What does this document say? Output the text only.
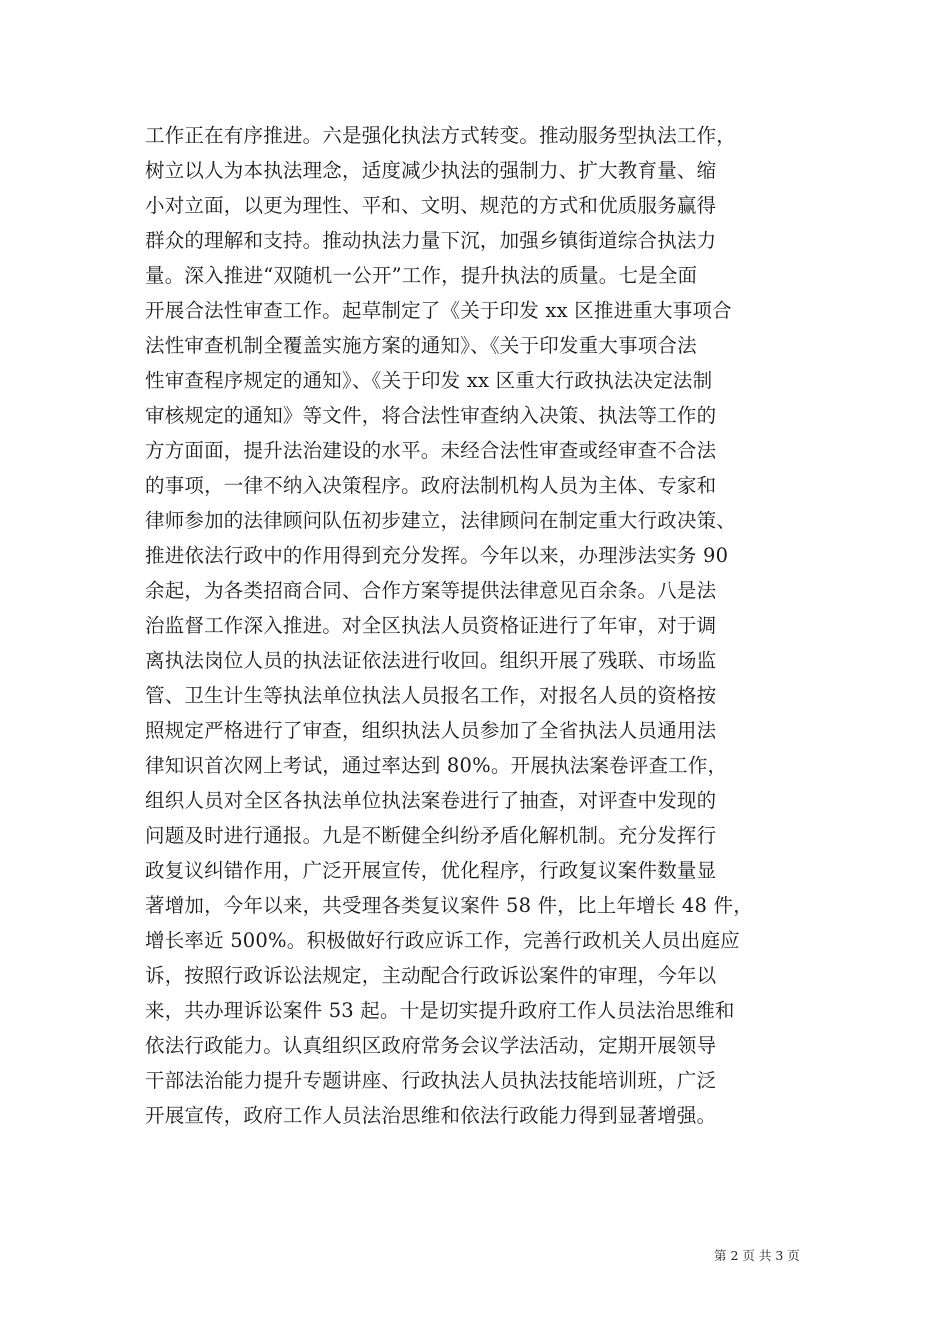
工作正在有序推进。六是强化执法方式转变。推动服务型执法工作，
树立以人为本执法理念，适度减少执法的强制力、扩大教育量、缩
小对立面，以更为理性、平和、文明、规范的方式和优质服务赢得
群众的理解和支持。推动执法力量下沉，加强乡镇街道综合执法力
量。深入推进“双随机一公开”工作，提升执法的质量。七是全面
开展合法性审查工作。起草制定了《关于印发 xx 区推进重大事项合
法性审查机制全覆盖实施方案的通知》、《关于印发重大事项合法
性审查程序规定的通知》、《关于印发 xx 区重大行政执法决定法制
审核规定的通知》等文件，将合法性审查纳入决策、执法等工作的
方方面面，提升法治建设的水平。未经合法性审查或经审查不合法
的事项，一律不纳入决策程序。政府法制机构人员为主体、专家和
律师参加的法律顾问队伍初步建立，法律顾问在制定重大行政决策、
推进依法行政中的作用得到充分发挥。今年以来，办理涉法实务 90
余起，为各类招商合同、合作方案等提供法律意见百余条。八是法
治监督工作深入推进。对全区执法人员资格证进行了年审，对于调
离执法岗位人员的执法证依法进行收回。组织开展了残联、市场监
管、卫生计生等执法单位执法人员报名工作，对报名人员的资格按
照规定严格进行了审查，组织执法人员参加了全省执法人员通用法
律知识首次网上考试，通过率达到 80%。开展执法案卷评查工作，
组织人员对全区各执法单位执法案卷进行了抽查，对评查中发现的
问题及时进行通报。九是不断健全纠纷矛盾化解机制。充分发挥行
政复议纠错作用，广泛开展宣传，优化程序，行政复议案件数量显
著增加，今年以来，共受理各类复议案件 58 件，比上年增长 48 件，
增长率近 500%。积极做好行政应诉工作，完善行政机关人员出庭应
诉，按照行政诉讼法规定，主动配合行政诉讼案件的审理，今年以
来，共办理诉讼案件 53 起。十是切实提升政府工作人员法治思维和
依法行政能力。认真组织区政府常务会议学法活动，定期开展领导
干部法治能力提升专题讲座、行政执法人员执法技能培训班，广泛
开展宣传，政府工作人员法治思维和依法行政能力得到显著增强。
第 2 页 共 3 页
